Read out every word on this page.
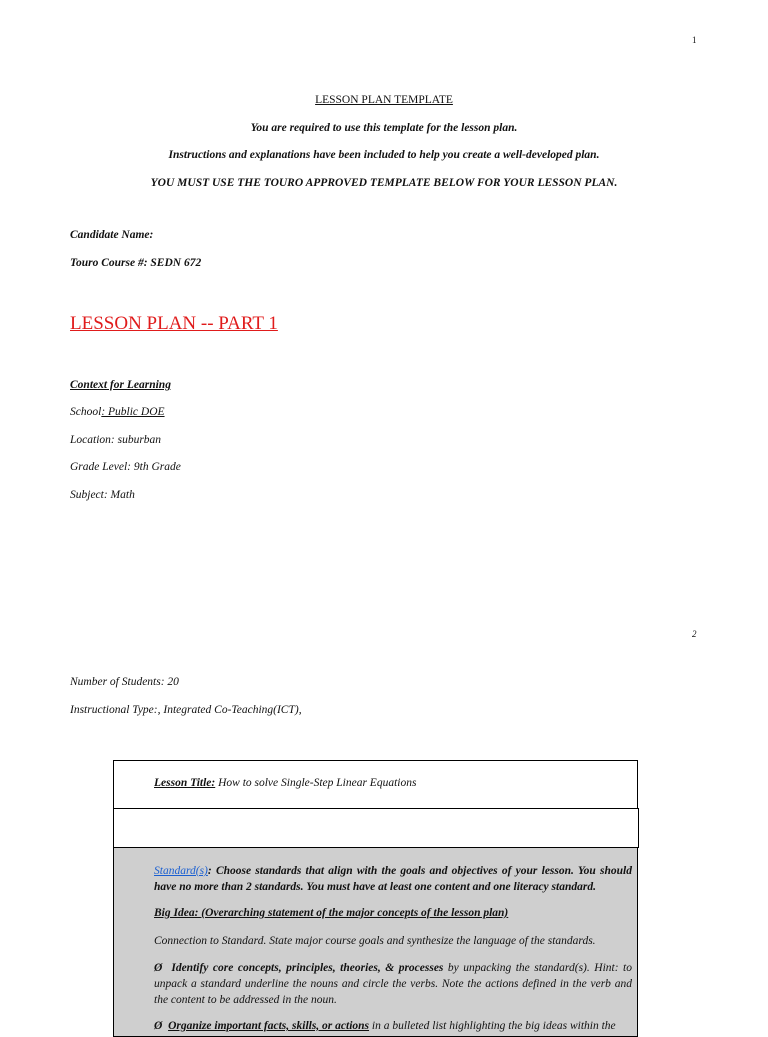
1
LESSON PLAN TEMPLATE
You are required to use this template for the lesson plan.
Instructions and explanations have been included to help you create a well-developed plan.
YOU MUST USE THE TOURO APPROVED TEMPLATE BELOW FOR YOUR LESSON PLAN.
Candidate Name:
Touro Course #: SEDN 672
LESSON PLAN -- PART 1
Context for Learning
School: Public DOE
Location: suburban
Grade Level: 9th Grade
Subject: Math
2
Number of Students: 20
Instructional Type:, Integrated Co-Teaching(ICT),
Lesson Title: How to solve Single-Step Linear Equations
Standard(s): Choose standards that align with the goals and objectives of your lesson. You should have no more than 2 standards. You must have at least one content and one literacy standard.
Big Idea: (Overarching statement of the major concepts of the lesson plan)
Connection to Standard. State major course goals and synthesize the language of the standards.
Ø Identify core concepts, principles, theories, & processes by unpacking the standard(s). Hint: to unpack a standard underline the nouns and circle the verbs. Note the actions defined in the verb and the content to be addressed in the noun.
Ø Organize important facts, skills, or actions in a bulleted list highlighting the big ideas within the
